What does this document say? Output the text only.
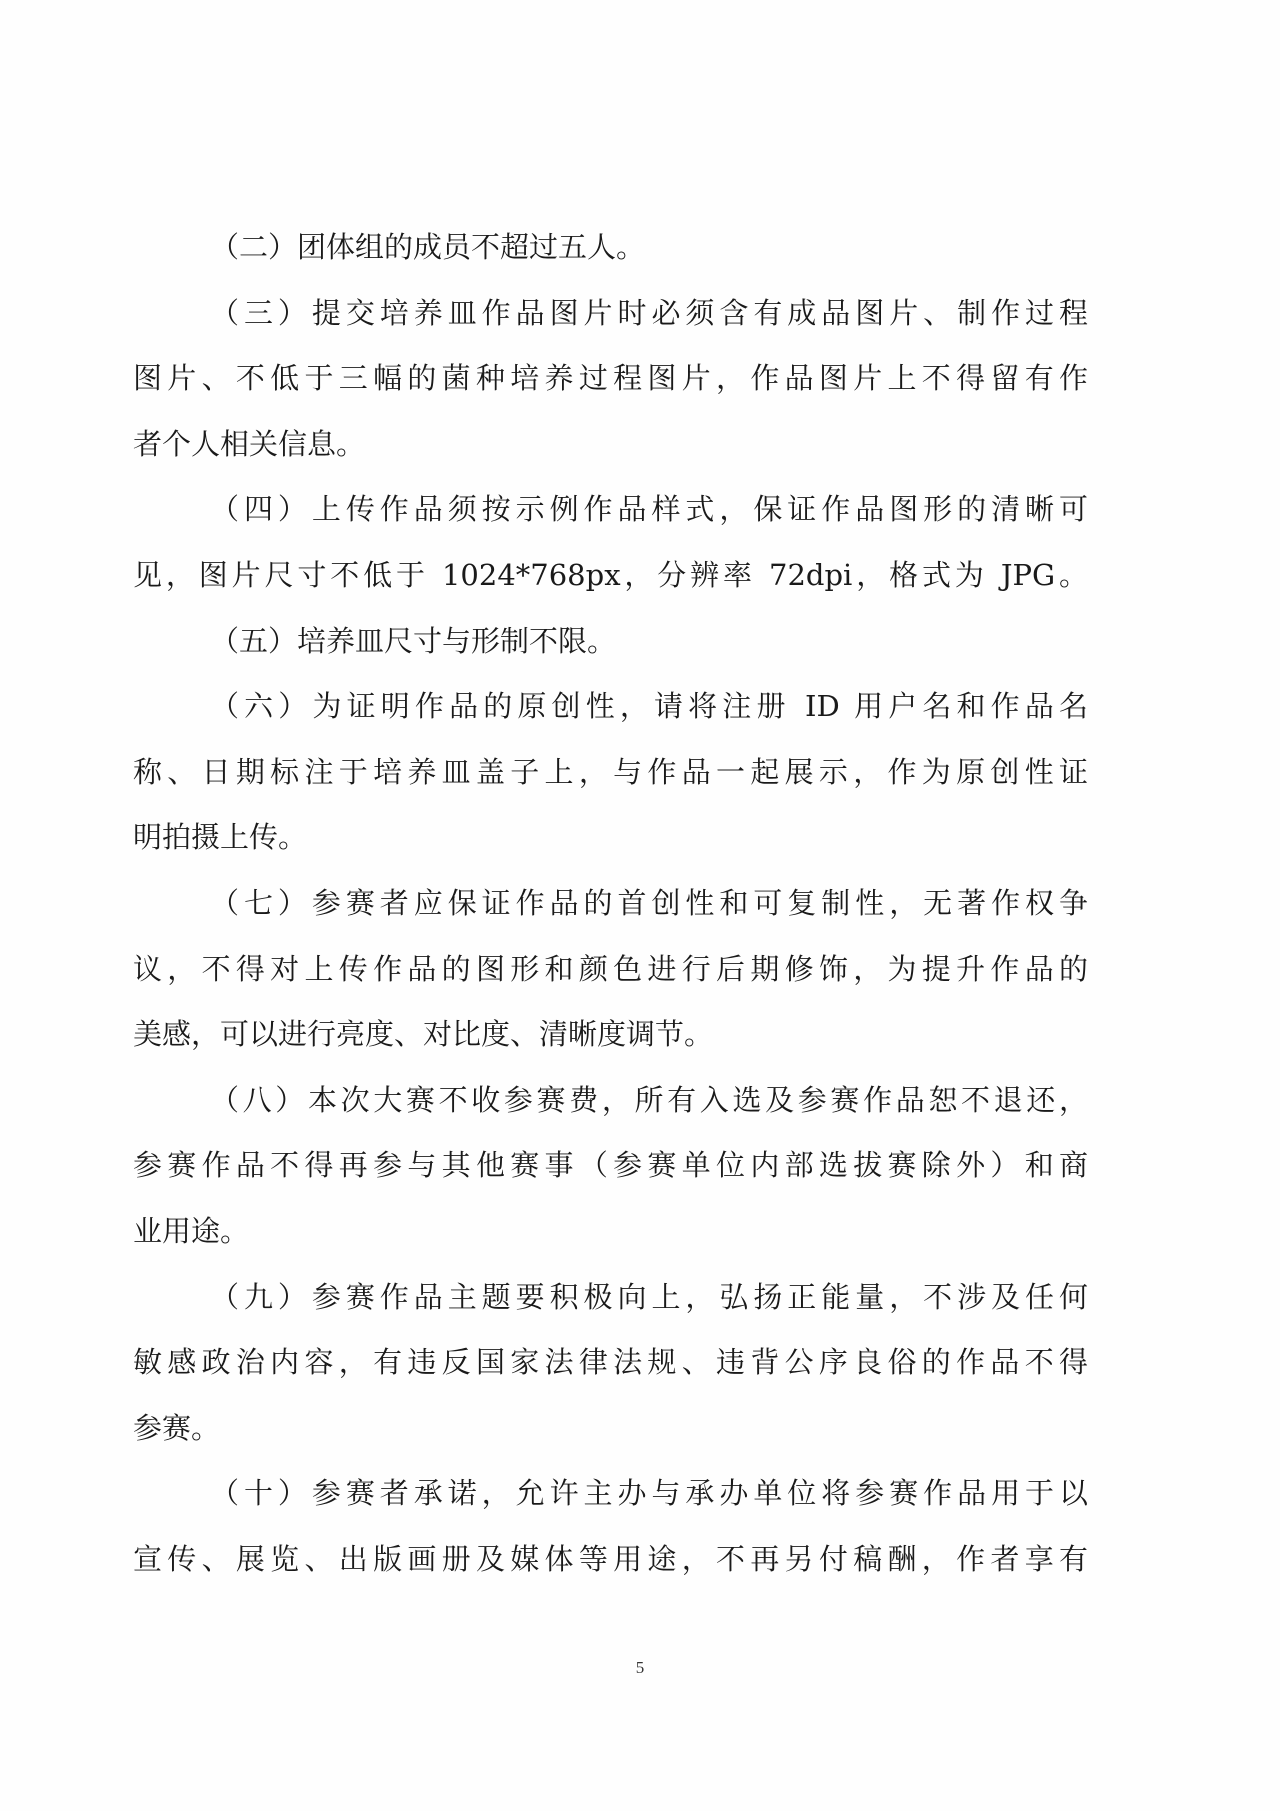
（二）团体组的成员不超过五人。
（三）提交培养皿作品图片时必须含有成品图片、制作过程
图片、不低于三幅的菌种培养过程图片，作品图片上不得留有作
者个人相关信息。
（四）上传作品须按示例作品样式，保证作品图形的清晰可
见，图片尺寸不低于 1024*768px，分辨率 72dpi，格式为 JPG。
（五）培养皿尺寸与形制不限。
（六）为证明作品的原创性，请将注册 ID 用户名和作品名
称、日期标注于培养皿盖子上，与作品一起展示，作为原创性证
明拍摄上传。
（七）参赛者应保证作品的首创性和可复制性，无著作权争
议，不得对上传作品的图形和颜色进行后期修饰，为提升作品的
美感，可以进行亮度、对比度、清晰度调节。
（八）本次大赛不收参赛费，所有入选及参赛作品恕不退还，
参赛作品不得再参与其他赛事（参赛单位内部选拔赛除外）和商
业用途。
（九）参赛作品主题要积极向上，弘扬正能量，不涉及任何
敏感政治内容，有违反国家法律法规、违背公序良俗的作品不得
参赛。
（十）参赛者承诺，允许主办与承办单位将参赛作品用于以
宣传、展览、出版画册及媒体等用途，不再另付稿酬，作者享有
5
